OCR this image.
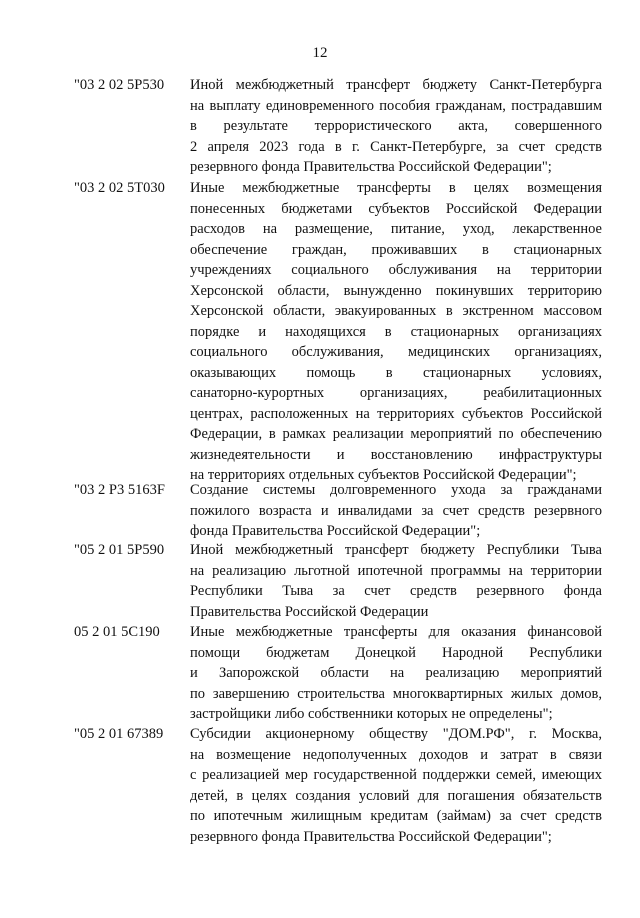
12
"03 2 02 5Р530	Иной межбюджетный трансферт бюджету Санкт-Петербурга
на выплату единовременного пособия гражданам, пострадавшим
в результате террористического акта, совершенного
2 апреля 2023 года в г. Санкт-Петербурге, за счет средств
резервного фонда Правительства Российской Федерации";
"03 2 02 5Т030	Иные межбюджетные трансферты в целях возмещения
понесенных бюджетами субъектов Российской Федерации
расходов на размещение, питание, уход, лекарственное
обеспечение граждан, проживавших в стационарных
учреждениях социального обслуживания на территории
Херсонской области, вынужденно покинувших территорию
Херсонской области, эвакуированных в экстренном массовом
порядке и находящихся в стационарных организациях
социального обслуживания, медицинских организациях,
оказывающих помощь в стационарных условиях,
санаторно-курортных организациях, реабилитационных
центрах, расположенных на территориях субъектов Российской
Федерации, в рамках реализации мероприятий по обеспечению
жизнедеятельности и восстановлению инфраструктуры
на территориях отдельных субъектов Российской Федерации";
"03 2 Р3 5163F	Создание системы долговременного ухода за гражданами
пожилого возраста и инвалидами за счет средств резервного
фонда Правительства Российской Федерации";
"05 2 01 5Р590	Иной межбюджетный трансферт бюджету Республики Тыва
на реализацию льготной ипотечной программы на территории
Республики Тыва за счет средств резервного фонда
Правительства Российской Федерации
05 2 01 5С190	Иные межбюджетные трансферты для оказания финансовой
помощи бюджетам Донецкой Народной Республики
и Запорожской области на реализацию мероприятий
по завершению строительства многоквартирных жилых домов,
застройщики либо собственники которых не определены";
"05 2 01 67389	Субсидии акционерному обществу "ДОМ.РФ", г. Москва,
на возмещение недополученных доходов и затрат в связи
с реализацией мер государственной поддержки семей, имеющих
детей, в целях создания условий для погашения обязательств
по ипотечным жилищным кредитам (займам) за счет средств
резервного фонда Правительства Российской Федерации";
